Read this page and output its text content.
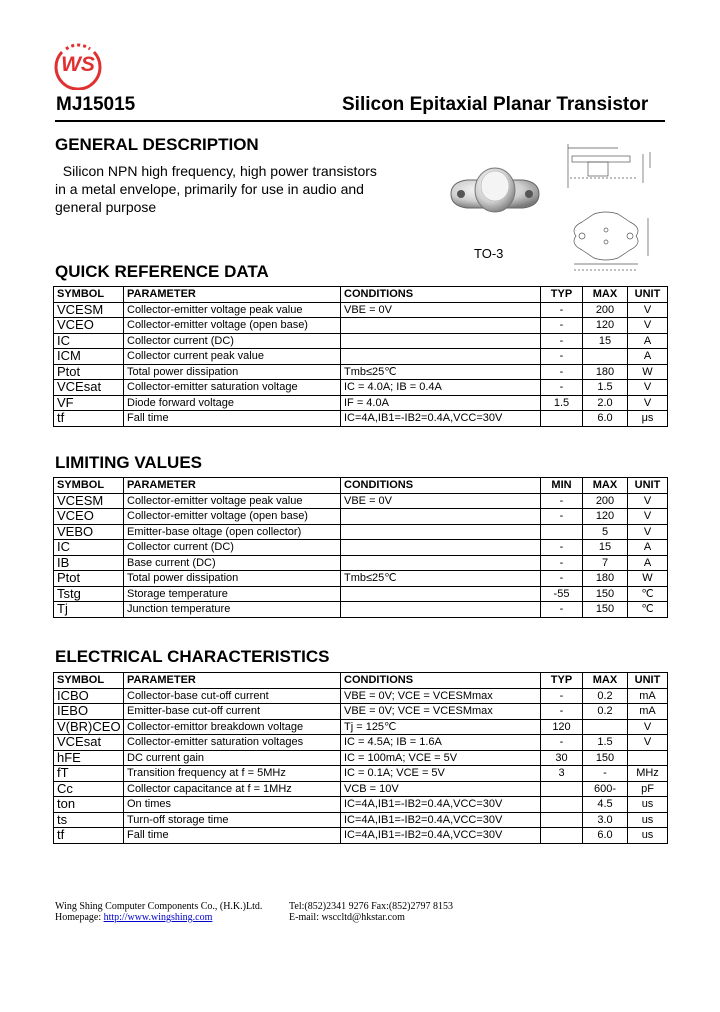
WS
MJ15015	Silicon Epitaxial Planar Transistor
GENERAL DESCRIPTION
Silicon NPN high frequency, high power transistors
in a metal envelope, primarily for use in audio and
general purpose
TO-3
QUICK REFERENCE DATA
SYMBOL	PARAMETER	CONDITIONS	TYP	MAX	UNIT
VCESM	Collector-emitter voltage peak value	VBE = 0V	-	200	V
VCEO	Collector-emitter voltage (open base)		-	120	V
IC	Collector current (DC)		-	15	A
ICM	Collector current peak value		-		A
Ptot	Total power dissipation	Tmb≤25℃	-	180	W
VCEsat	Collector-emitter saturation voltage	IC = 4.0A; IB = 0.4A	-	1.5	V
VF	Diode forward voltage	IF = 4.0A	1.5	2.0	V
tf	Fall time	IC=4A,IB1=-IB2=0.4A,VCC=30V		6.0	μs
LIMITING VALUES
SYMBOL	PARAMETER	CONDITIONS	MIN	MAX	UNIT
VCESM	Collector-emitter voltage peak value	VBE = 0V	-	200	V
VCEO	Collector-emitter voltage (open base)		-	120	V
VEBO	Emitter-base oltage (open collector)			5	V
IC	Collector current (DC)		-	15	A
IB	Base current (DC)		-	7	A
Ptot	Total power dissipation	Tmb≤25℃	-	180	W
Tstg	Storage temperature		-55	150	℃
Tj	Junction temperature		-	150	℃
ELECTRICAL CHARACTERISTICS
SYMBOL	PARAMETER	CONDITIONS	TYP	MAX	UNIT
ICBO	Collector-base cut-off current	VBE = 0V; VCE = VCESMmax	-	0.2	mA
IEBO	Emitter-base cut-off current	VBE = 0V; VCE = VCESMmax	-	0.2	mA
V(BR)CEO	Collector-emittor breakdown voltage	Tj = 125℃	120		V
VCEsat	Collector-emitter saturation voltages	IC = 4.5A; IB = 1.6A	-	1.5	V
hFE	DC current gain	IC = 100mA; VCE = 5V	30	150	
fT	Transition frequency at f = 5MHz	IC = 0.1A; VCE = 5V	3	-	MHz
Cc	Collector capacitance at f = 1MHz	VCB = 10V		600-	pF
ton	On times	IC=4A,IB1=-IB2=0.4A,VCC=30V		4.5	us
ts	Turn-off storage time	IC=4A,IB1=-IB2=0.4A,VCC=30V		3.0	us
tf	Fall time	IC=4A,IB1=-IB2=0.4A,VCC=30V		6.0	us
Wing Shing Computer Components Co., (H.K.)Ltd.
Homepage: http://www.wingshing.com
Tel:(852)2341 9276 Fax:(852)2797 8153
E-mail: wsccltd@hkstar.com
